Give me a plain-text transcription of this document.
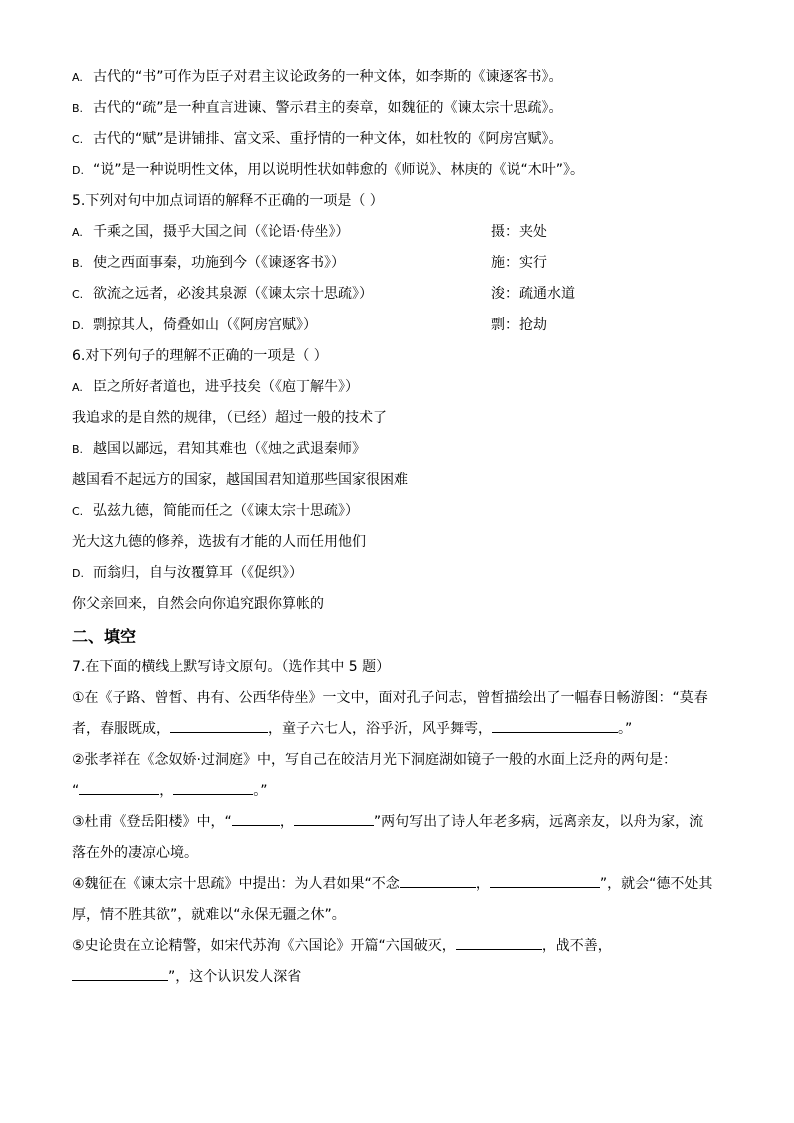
A. 古代的“书”可作为臣子对君主议论政务的一种文体，如李斯的《谏逐客书》。
B. 古代的“疏”是一种直言进谏、警示君主的奏章，如魏征的《谏太宗十思疏》。
C. 古代的“赋”是讲铺排、富文采、重抒情的一种文体，如杜牧的《阿房宫赋》。
D. “说”是一种说明性文体，用以说明性状如韩愈的《师说》、林庚的《说“木叶”》。
5.下列对句中加点词语的解释不正确的一项是（ ）
A. 千乘之国，摄乎大国之间（《论语·侍坐》）	摄：夹处
B. 使之西面事秦，功施到今（《谏逐客书》）	施：实行
C. 欲流之远者，必浚其泉源（《谏太宗十思疏》）	浚：疏通水道
D. 剽掠其人，倚叠如山（《阿房宫赋》）	剽：抢劫
6.对下列句子的理解不正确的一项是（ ）
A. 臣之所好者道也，进乎技矣（《庖丁解牛》）
我追求的是自然的规律，（已经）超过一般的技术了
B. 越国以鄙远，君知其难也（《烛之武退秦师》
越国看不起远方的国家，越国国君知道那些国家很困难
C. 弘兹九德，简能而任之（《谏太宗十思疏》）
光大这九德的修养，选拔有才能的人而任用他们
D. 而翁归，自与汝覆算耳（《促织》）
你父亲回来，自然会向你追究跟你算帐的
二、填空
7.在下面的横线上默写诗文原句。（选作其中 5 题）
①在《子路、曾皙、冉有、公西华侍坐》一文中，面对孔子问志，曾皙描绘出了一幅春日畅游图：“莫春
者，春服既成，	，童子六七人，浴乎沂，风乎舞雩，	。”
②张孝祥在《念奴娇·过洞庭》中，写自己在皎洁月光下洞庭湖如镜子一般的水面上泛舟的两句是：
“	，	。”
③杜甫《登岳阳楼》中，“	，	”两句写出了诗人年老多病，远离亲友，以舟为家，流
落在外的凄凉心境。
④魏征在《谏太宗十思疏》中提出：为人君如果“不念	，	”，就会“德不处其
厚，情不胜其欲”，就难以“永保无疆之休”。
⑤史论贵在立论精警，如宋代苏洵《六国论》开篇“六国破灭，	，战不善，
”，这个认识发人深省
